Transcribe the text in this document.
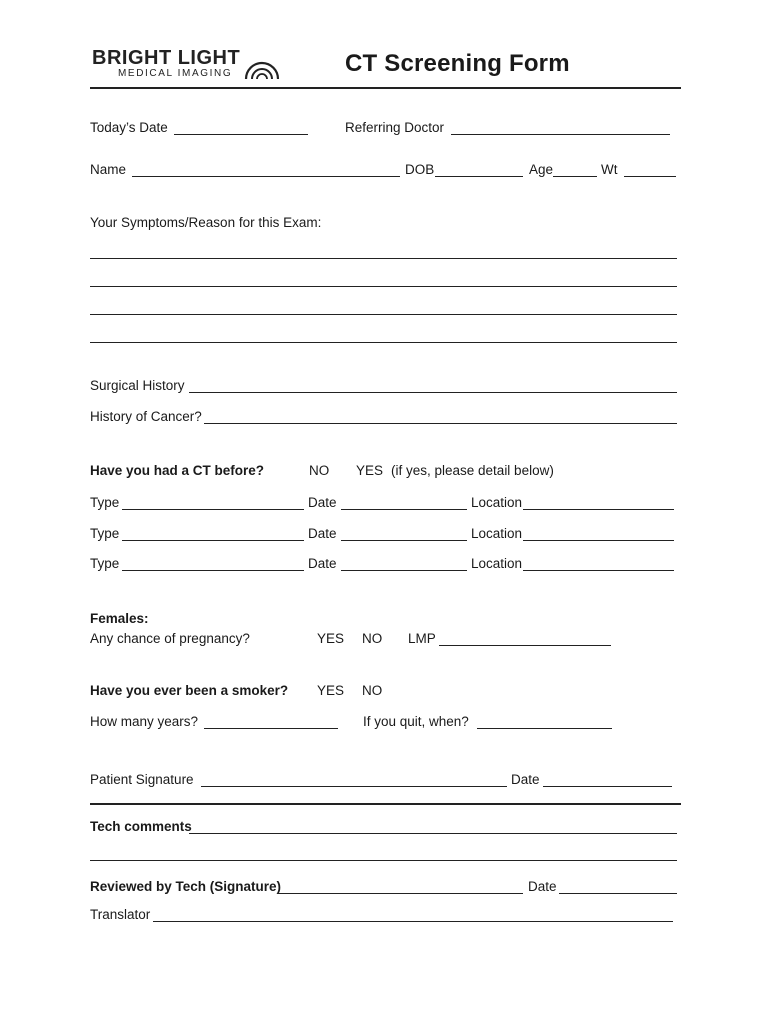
BRIGHT LIGHT
MEDICAL IMAGING	CT Screening Form
Today’s Date	Referring Doctor
Name	DOB	Age	Wt
Your Symptoms/Reason for this Exam:
Surgical History
History of Cancer?
Have you had a CT before?	NO YES (if yes, please detail below)
Type	Date	Location
Type	Date	Location
Type	Date	Location
Females:
Any chance of pregnancy?	YES NO LMP
Have you ever been a smoker? YES NO
How many years?	If you quit, when?
Patient Signature	Date
Tech comments
Reviewed by Tech (Signature)	Date
Translator
